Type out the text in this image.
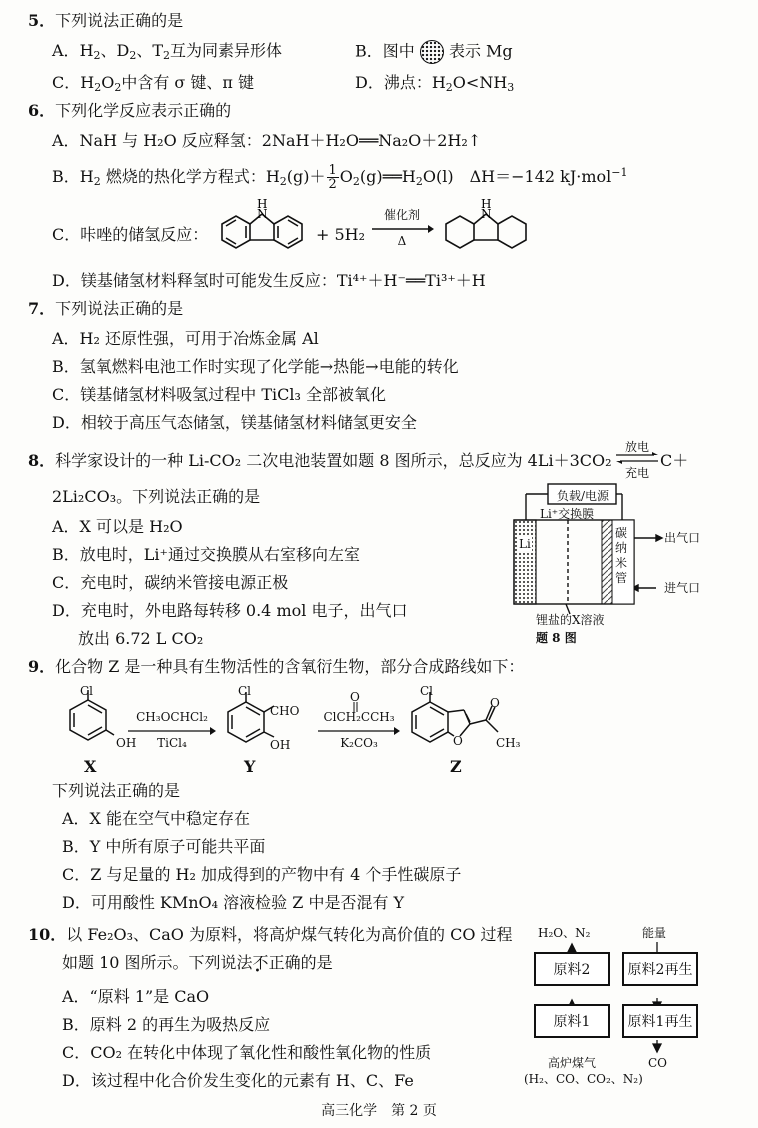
5．下列说法正确的是
A．$H_2$、$D_2$、$T_2$互为同素异形体	B．图中 表示 Mg
C．$H_2O_2$中含有 σ 键、π 键	D．沸点：$H_2O<NH_3$
6．下列化学反应表示正确的
A．NaH 与 H₂O 反应释氢：2NaH＋H₂O══Na₂O＋2H₂↑
B．$H_2$ 燃烧的热化学方程式：$H_2(g)+ \frac{1}{2}$ $O_2(g)══H_2O(l)$　ΔH＝−142 kJ·mol$^{-1}$
C．咔唑的储氢反应：
H
N
+ 5H₂
催化剂
Δ
H
N
D．镁基储氢材料释氢时可能发生反应：Ti⁴⁺＋H⁻══Ti³⁺＋H
7．下列说法正确的是
A．H₂ 还原性强，可用于冶炼金属 Al
B．氢氧燃料电池工作时实现了化学能→热能→电能的转化
C．镁基储氢材料吸氢过程中 TiCl₃ 全部被氧化
D．相较于高压气态储氢，镁基储氢材料储氢更安全
8．科学家设计的一种 Li-CO₂ 二次电池装置如题 8 图所示，总反应为 4Li＋3CO₂
放电
充电
C＋
2Li₂CO₃。下列说法正确的是
A．X 可以是 H₂O
B．放电时，Li⁺通过交换膜从右室移向左室
C．充电时，碳纳米管接电源正极
D．充电时，外电路每转移 0.4 mol 电子，出气口
放出 6.72 L CO₂
负载/电源
Li⁺交换膜
Li
碳
纳
米
管
出气口
进气口
锂盐的X溶液
题 8 图
9．化合物 Z 是一种具有生物活性的含氧衍生物，部分合成路线如下：
Cl
OH
X
CH₃OCHCl₂
TiCl₄
Cl
CHO
OH
Y
O
ClCH₂CCH₃
K₂CO₃
Cl
O
O
CH₃
Z
下列说法正确的是
A．X 能在空气中稳定存在
B．Y 中所有原子可能共平面
C．Z 与足量的 H₂ 加成得到的产物中有 4 个手性碳原子
D．可用酸性 KMnO₄ 溶液检验 Z 中是否混有 Y
10．以 Fe₂O₃、CaO 为原料，将高炉煤气转化为高价值的 CO 过程
如题 10 图所示。下列说法不正确的是
A．“原料 1”是 CaO
B．原料 2 的再生为吸热反应
C．CO₂ 在转化中体现了氧化性和酸性氧化物的性质
D．该过程中化合价发生变化的元素有 H、C、Fe
H₂O、N₂	能量
原料2
原料1
原料2再生
原料1再生
高炉煤气
(H₂、CO、CO₂、N₂)
CO
高三化学　第 2 页
